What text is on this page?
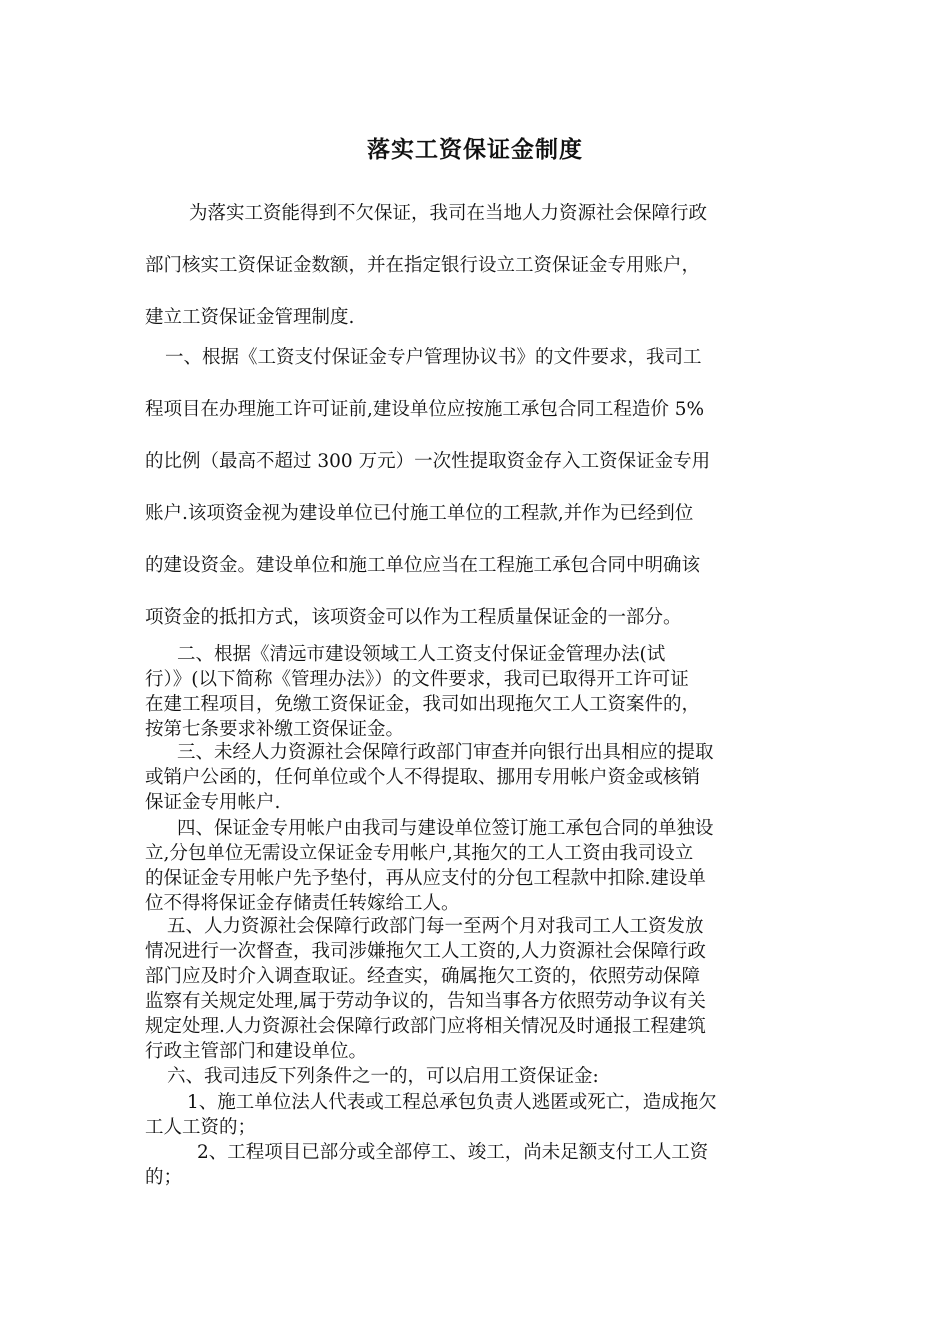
落实工资保证金制度
为落实工资能得到不欠保证，我司在当地人力资源社会保障行政
部门核实工资保证金数额，并在指定银行设立工资保证金专用账户，
建立工资保证金管理制度.
一、根据《工资支付保证金专户管理协议书》的文件要求，我司工
程项目在办理施工许可证前,建设单位应按施工承包合同工程造价 5%
的比例（最高不超过 300 万元）一次性提取资金存入工资保证金专用
账户.该项资金视为建设单位已付施工单位的工程款,并作为已经到位
的建设资金。建设单位和施工单位应当在工程施工承包合同中明确该
项资金的抵扣方式，该项资金可以作为工程质量保证金的一部分。
二、根据《清远市建设领域工人工资支付保证金管理办法(试
行）》(以下简称《管理办法》）的文件要求，我司已取得开工许可证
在建工程项目，免缴工资保证金，我司如出现拖欠工人工资案件的，
按第七条要求补缴工资保证金。
三、未经人力资源社会保障行政部门审查并向银行出具相应的提取
或销户公函的，任何单位或个人不得提取、挪用专用帐户资金或核销
保证金专用帐户.
四、保证金专用帐户由我司与建设单位签订施工承包合同的单独设
立,分包单位无需设立保证金专用帐户,其拖欠的工人工资由我司设立
的保证金专用帐户先予垫付，再从应支付的分包工程款中扣除.建设单
位不得将保证金存储责任转嫁给工人。
五、人力资源社会保障行政部门每一至两个月对我司工人工资发放
情况进行一次督查，我司涉嫌拖欠工人工资的,人力资源社会保障行政
部门应及时介入调查取证。经查实，确属拖欠工资的，依照劳动保障
监察有关规定处理,属于劳动争议的，告知当事各方依照劳动争议有关
规定处理.人力资源社会保障行政部门应将相关情况及时通报工程建筑
行政主管部门和建设单位。
六、我司违反下列条件之一的，可以启用工资保证金:
1、施工单位法人代表或工程总承包负责人逃匿或死亡，造成拖欠
工人工资的；
2、工程项目已部分或全部停工、竣工，尚未足额支付工人工资
的；
